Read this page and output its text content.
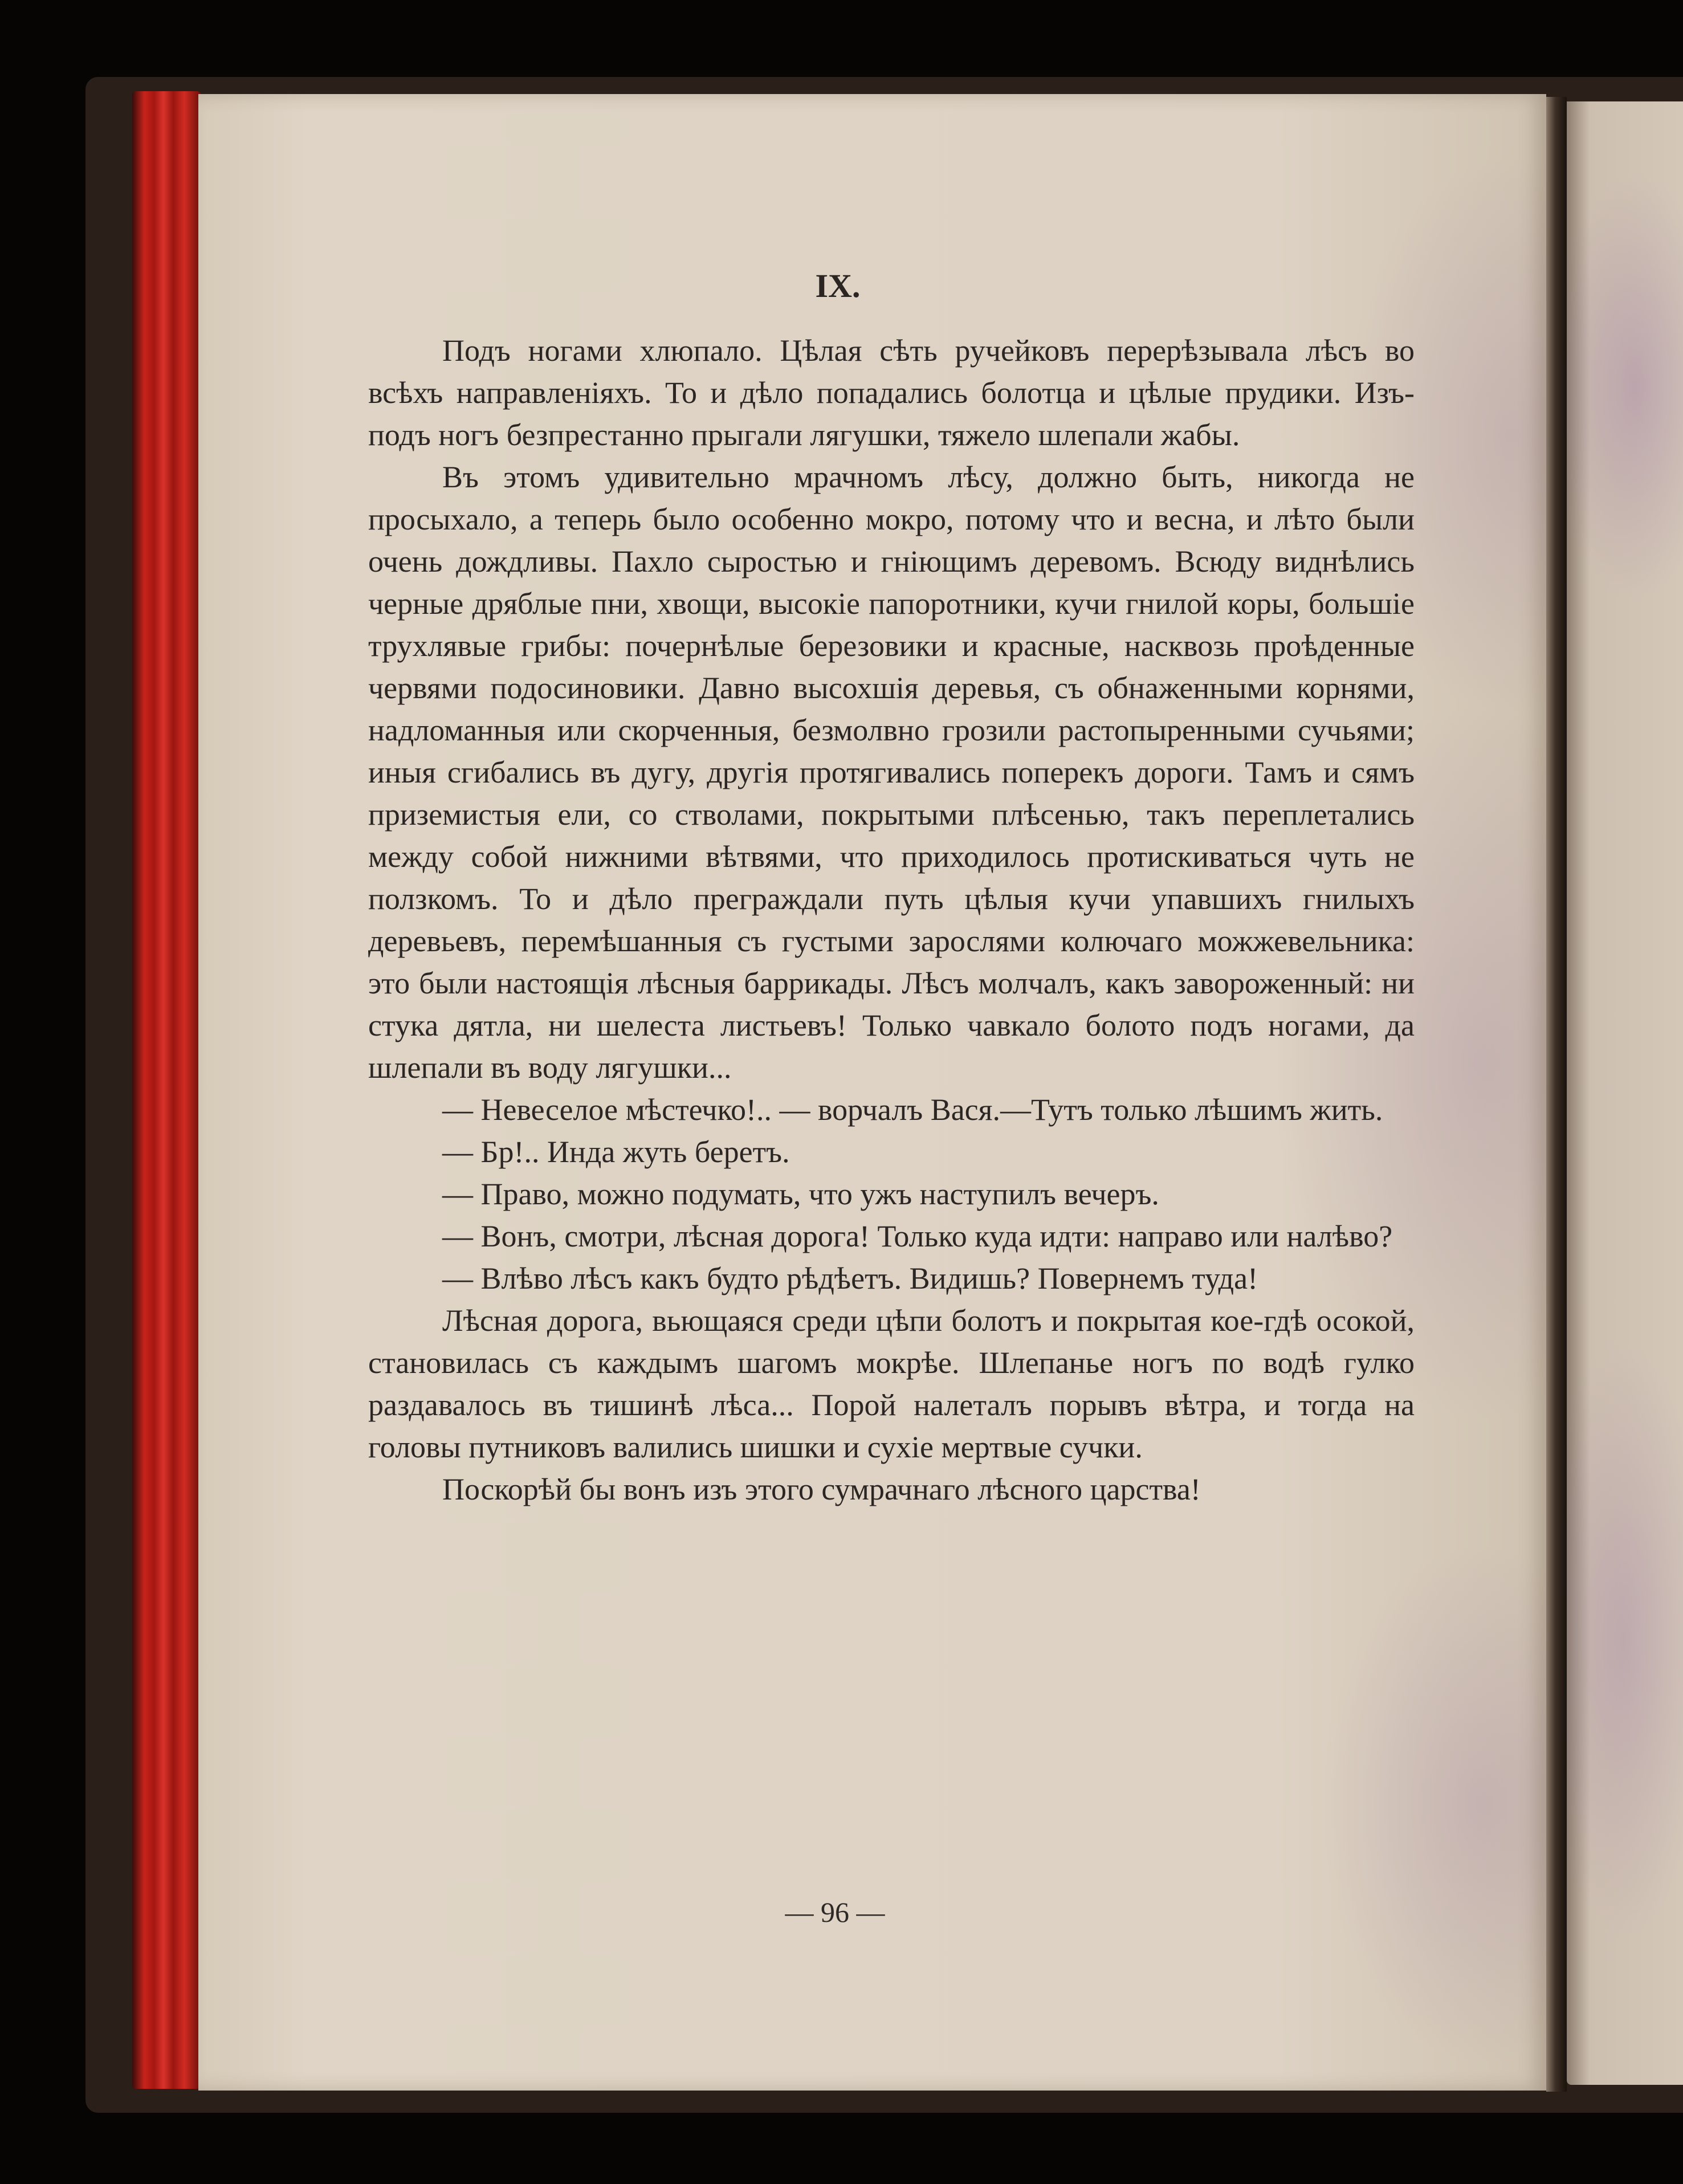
IX.

Подъ ногами хлюпало. Цѣлая сѣть ручейковъ перерѣзывала лѣсъ во всѣхъ направленіяхъ. То и дѣло попадались болотца и цѣлые прудики. Изъ-подъ ногъ безпрестанно прыгали лягушки, тяжело шлепали жабы.

Въ этомъ удивительно мрачномъ лѣсу, должно быть, никогда не просыхало, а теперь было особенно мокро, потому что и весна, и лѣто были очень дождливы. Пахло сыростью и гніющимъ деревомъ. Всюду виднѣлись черные дряблые пни, хвощи, высокіе папоротники, кучи гнилой коры, большіе трухлявые грибы: почернѣлые березовики и красные, насквозь проѣденные червями подосиновики. Давно высохшія деревья, съ обнаженными корнями, надломанныя или скорченныя, безмолвно грозили растопыренными сучьями; иныя сгибались въ дугу, другія протягивались поперекъ дороги. Тамъ и сямъ приземистыя ели, со стволами, покрытыми плѣсенью, такъ переплетались между собой нижними вѣтвями, что приходилось протискиваться чуть не ползкомъ. То и дѣло преграждали путь цѣлыя кучи упавшихъ гнилыхъ деревьевъ, перемѣшанныя съ густыми зарослями колючаго можжевельника: это были настоящія лѣсныя баррикады. Лѣсъ молчалъ, какъ завороженный: ни стука дятла, ни шелеста листьевъ! Только чавкало болото подъ ногами, да шлепали въ воду лягушки...

— Невеселое мѣстечко!.. — ворчалъ Вася.—Тутъ только лѣшимъ жить.

— Бр!.. Инда жуть беретъ.

— Право, можно подумать, что ужъ наступилъ вечеръ.

— Вонъ, смотри, лѣсная дорога! Только куда идти: направо или налѣво?

— Влѣво лѣсъ какъ будто рѣдѣетъ. Видишь? Повернемъ туда!

Лѣсная дорога, вьющаяся среди цѣпи болотъ и покрытая кое-гдѣ осокой, становилась съ каждымъ шагомъ мокрѣе. Шлепанье ногъ по водѣ гулко раздавалось въ тишинѣ лѣса... Порой налеталъ порывъ вѣтра, и тогда на головы путниковъ валились шишки и сухіе мертвые сучки.

Поскорѣй бы вонъ изъ этого сумрачнаго лѣсного царства!

— 96 —
